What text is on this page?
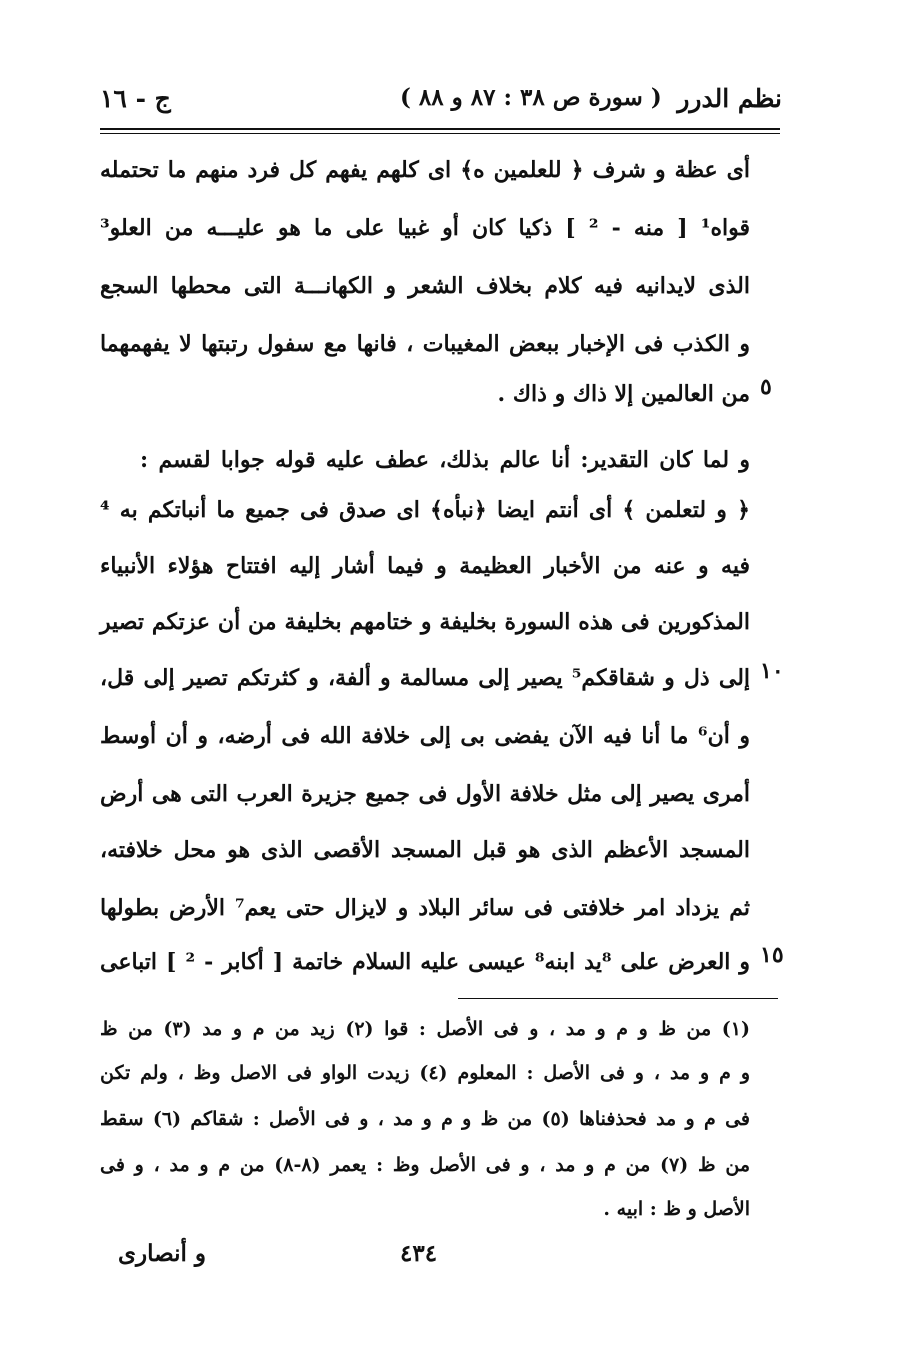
نظم الدرر
( سورة ص ٣٨ : ٨٧ و ٨٨ )
ج - ١٦
أى عظة و شرف ﴿ للعلمين ه﴾ اى كلهم يفهم كل فرد منهم ما تحتمله
قواه¹ [ منه - ² ] ذكيا كان أو غبيا على ما هو عليـــه من العلو³
الذى لايدانيه فيه كلام بخلاف الشعر و الكهانـــة التى محطها السجع
و الكذب فى الإخبار ببعض المغيبات ، فانها مع سفول رتبتها لا يفهمهما
من العالمين إلا ذاك و ذاك .
و لما كان التقدير: أنا عالم بذلك، عطف عليه قوله جوابا لقسم :
﴿ و لتعلمن ﴾ أى أنتم ايضا ﴿نبأه﴾ اى صدق فى جميع ما أنباتكم به ⁴
فيه و عنه من الأخبار العظيمة و فيما أشار إليه افتتاح هؤلاء الأنبياء
المذكورين فى هذه السورة بخليفة و ختامهم بخليفة من أن عزتكم تصير
إلى ذل و شقاقكم⁵ يصير إلى مسالمة و ألفة، و كثرتكم تصير إلى قل،
و أن⁶ ما أنا فيه الآن يفضى بى إلى خلافة الله فى أرضه، و أن أوسط
أمرى يصير إلى مثل خلافة الأول فى جميع جزيرة العرب التى هى أرض
المسجد الأعظم الذى هو قبل المسجد الأقصى الذى هو محل خلافته،
ثم يزداد امر خلافتى فى سائر البلاد و لايزال حتى يعم⁷ الأرض بطولها
و العرض على ⁸يد ابنه⁸ عيسى عليه السلام خاتمة [ أكابر - ² ] اتباعى
٥
١٠
١٥
(١) من ظ و م و مد ، و فى الأصل : قوا (٢) زيد من م و مد (٣) من ظ
و م و مد ، و فى الأصل : المعلوم (٤) زيدت الواو فى الاصل وظ ، ولم تكن
فى م و مد فحذفناها (٥) من ظ و م و مد ، و فى الأصل : شقاكم (٦) سقط
من ظ (٧) من م و مد ، و فى الأصل وظ : يعمر (٨-٨) من م و مد ، و فى
الأصل و ظ : ابيه .
٤٣٤
و أنصارى
